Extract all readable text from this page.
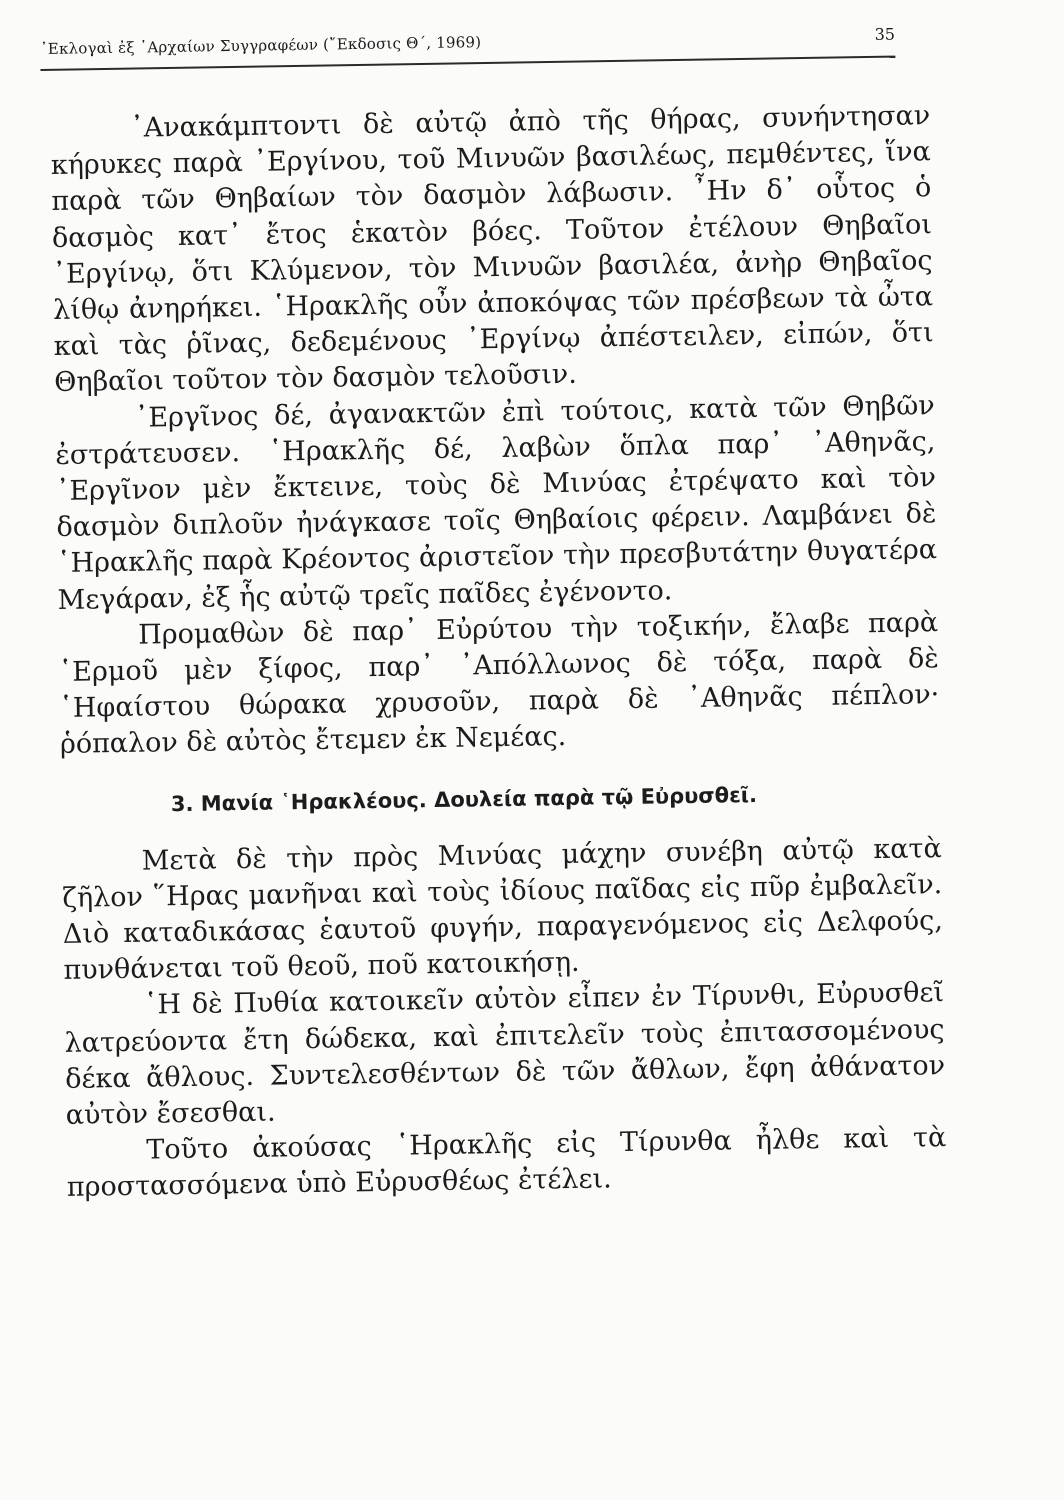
᾿Εκλογαὶ ἐξ ᾿Αρχαίων Συγγραφέων (῎Εκδοσις Θ΄, 1969)	35

᾿Ανακάμπτοντι δὲ αὐτῷ ἀπὸ τῆς θήρας, συνήντησαν κήρυκες παρὰ ᾿Εργίνου, τοῦ Μινυῶν βασιλέως, πεμθέντες, ἵνα παρὰ τῶν Θηβαίων τὸν δασμὸν λάβωσιν. ῏Ην δ᾿ οὗτος ὁ δασμὸς κατ᾿ ἔτος ἑκατὸν βόες. Τοῦτον ἐτέλουν Θηβαῖοι ᾿Εργίνῳ, ὅτι Κλύμενον, τὸν Μινυῶν βασιλέα, ἀνὴρ Θηβαῖος λίθῳ ἀνηρήκει. ῾Ηρακλῆς οὖν ἀποκόψας τῶν πρέσβεων τὰ ὦτα καὶ τὰς ῥῖνας, δεδεμένους ᾿Εργίνῳ ἀπέστειλεν, εἰπών, ὅτι Θηβαῖοι τοῦτον τὸν δασμὸν τελοῦσιν.

᾿Εργῖνος δέ, ἀγανακτῶν ἐπὶ τούτοις, κατὰ τῶν Θηβῶν ἐστράτευσεν. ῾Ηρακλῆς δέ, λαβὼν ὅπλα παρ᾿ ᾿Αθηνᾶς, ᾿Εργῖνον μὲν ἔκτεινε, τοὺς δὲ Μινύας ἐτρέψατο καὶ τὸν δασμὸν διπλοῦν ἠνάγκασε τοῖς Θηβαίοις φέρειν. Λαμβάνει δὲ ῾Ηρακλῆς παρὰ Κρέοντος ἀριστεῖον τὴν πρεσβυτάτην θυγατέρα Μεγάραν, ἐξ ἧς αὐτῷ τρεῖς παῖδες ἐγένοντο.

Προμαθὼν δὲ παρ᾿ Εὐρύτου τὴν τοξικήν, ἔλαβε παρὰ ῾Ερμοῦ μὲν ξίφος, παρ᾿ ᾿Απόλλωνος δὲ τόξα, παρὰ δὲ ῾Ηφαίστου θώρακα χρυσοῦν, παρὰ δὲ ᾿Αθηνᾶς πέπλον· ῥόπαλον δὲ αὐτὸς ἔτεμεν ἐκ Νεμέας.

3. Μανία ῾Ηρακλέους. Δουλεία παρὰ τῷ Εὐρυσθεῖ.

Μετὰ δὲ τὴν πρὸς Μινύας μάχην συνέβη αὐτῷ κατὰ ζῆλον ῞Ηρας μανῆναι καὶ τοὺς ἰδίους παῖδας εἰς πῦρ ἐμβαλεῖν. Διὸ καταδικάσας ἑαυτοῦ φυγήν, παραγενόμενος εἰς Δελφούς, πυνθάνεται τοῦ θεοῦ, ποῦ κατοικήσῃ.

῾Η δὲ Πυθία κατοικεῖν αὐτὸν εἶπεν ἐν Τίρυνθι, Εὐρυσθεῖ λατρεύοντα ἔτη δώδεκα, καὶ ἐπιτελεῖν τοὺς ἐπιτασσομένους δέκα ἄθλους. Συντελεσθέντων δὲ τῶν ἄθλων, ἔφη ἀθάνατον αὐτὸν ἔσεσθαι.

Τοῦτο ἀκούσας ῾Ηρακλῆς εἰς Τίρυνθα ἦλθε καὶ τὰ προστασσόμενα ὑπὸ Εὐρυσθέως ἐτέλει.
